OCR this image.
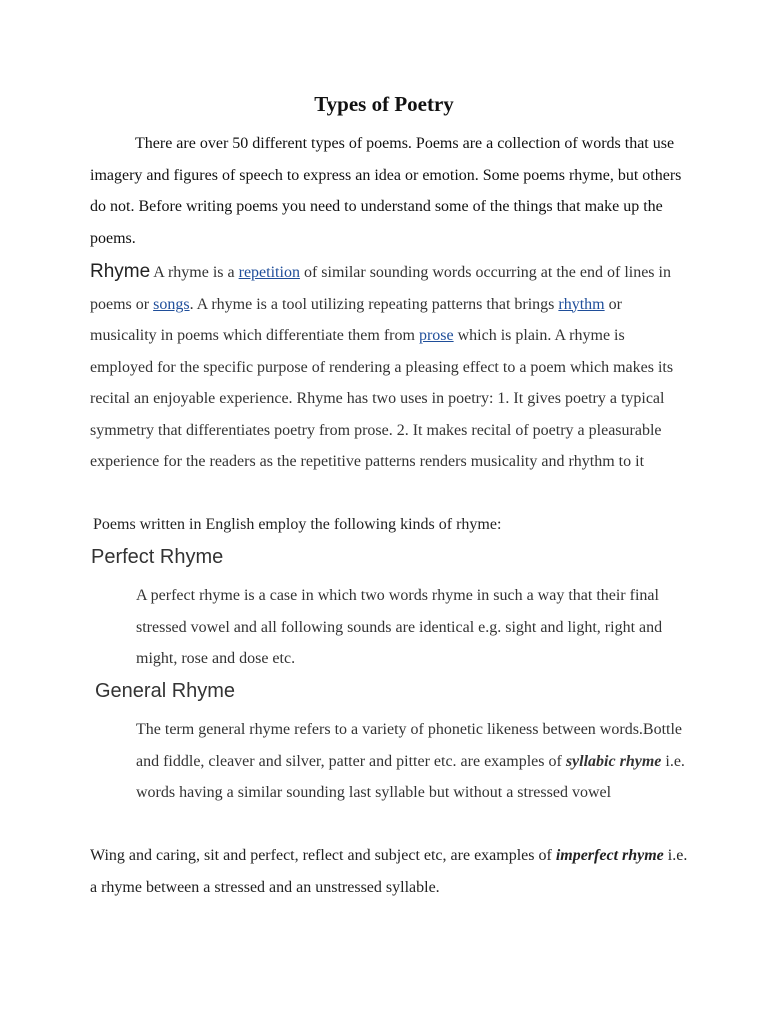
Types of Poetry
There are over 50 different types of poems. Poems are a collection of words that use imagery and figures of speech to express an idea or emotion. Some poems rhyme, but others do not. Before writing poems you need to understand some of the things that make up the poems.
Rhyme A rhyme is a repetition of similar sounding words occurring at the end of lines in poems or songs. A rhyme is a tool utilizing repeating patterns that brings rhythm or musicality in poems which differentiate them from prose which is plain. A rhyme is employed for the specific purpose of rendering a pleasing effect to a poem which makes its recital an enjoyable experience. Rhyme has two uses in poetry: 1. It gives poetry a typical symmetry that differentiates poetry from prose. 2. It makes recital of poetry a pleasurable experience for the readers as the repetitive patterns renders musicality and rhythm to it
Poems written in English employ the following kinds of rhyme:
Perfect Rhyme
A perfect rhyme is a case in which two words rhyme in such a way that their final stressed vowel and all following sounds are identical e.g. sight and light, right and might, rose and dose etc.
General Rhyme
The term general rhyme refers to a variety of phonetic likeness between words.Bottle and fiddle, cleaver and silver, patter and pitter etc. are examples of syllabic rhyme i.e. words having a similar sounding last syllable but without a stressed vowel
Wing and caring, sit and perfect, reflect and subject etc, are examples of imperfect rhyme i.e. a rhyme between a stressed and an unstressed syllable.
